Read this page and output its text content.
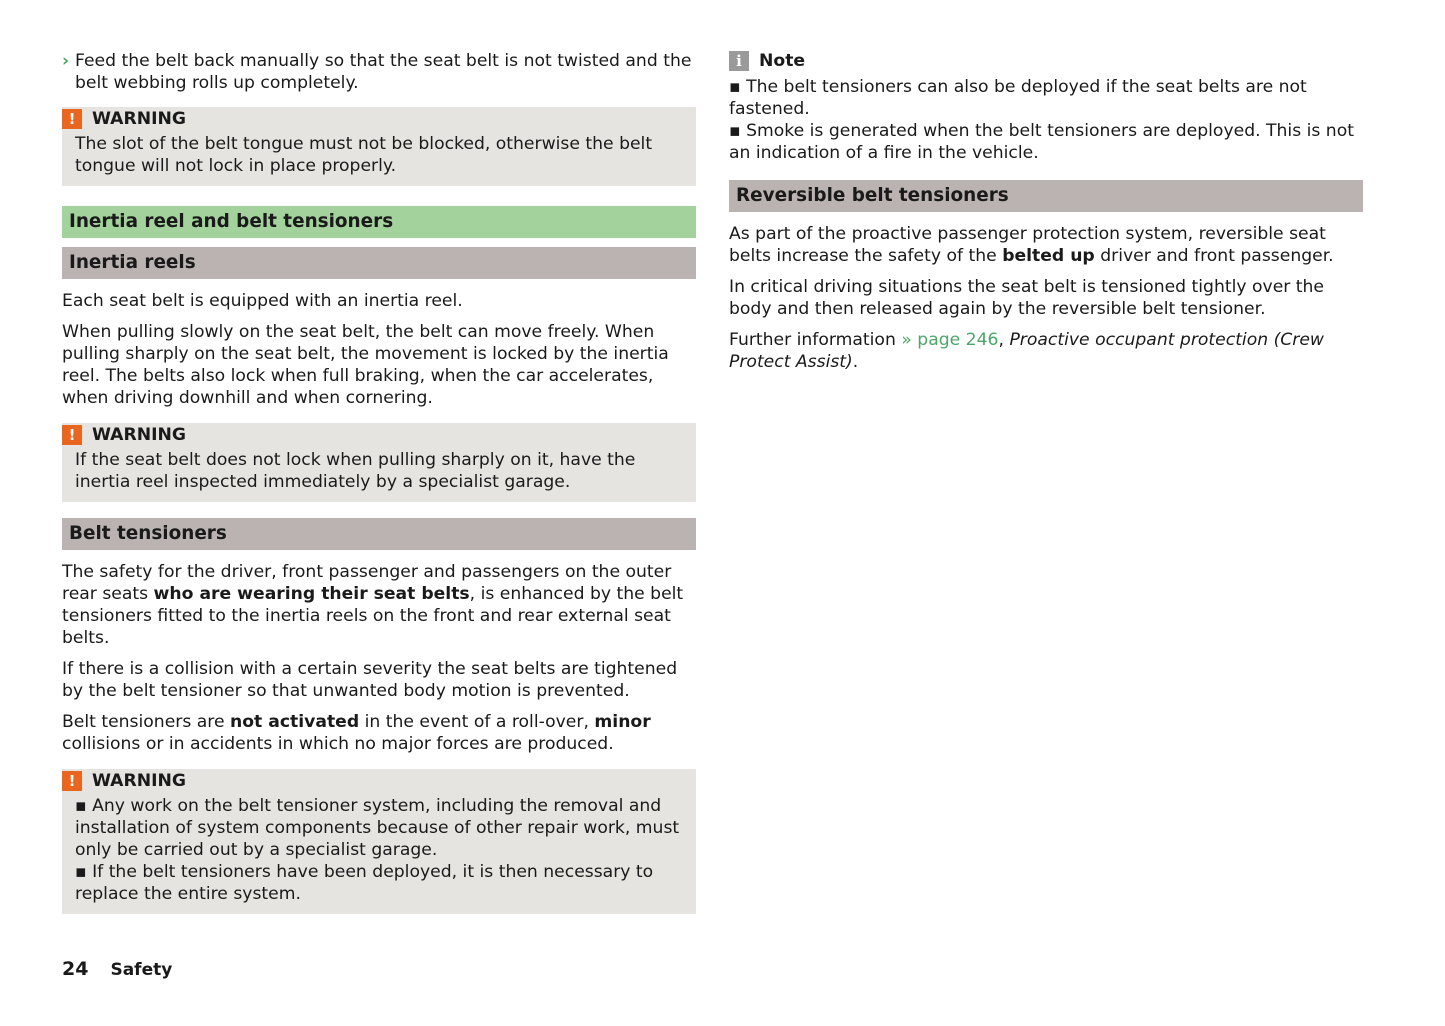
› Feed the belt back manually so that the seat belt is not twisted and the belt webbing rolls up completely.

! WARNING
The slot of the belt tongue must not be blocked, otherwise the belt tongue will not lock in place properly.
Inertia reel and belt tensioners
Inertia reels

Each seat belt is equipped with an inertia reel.

When pulling slowly on the seat belt, the belt can move freely. When pulling sharply on the seat belt, the movement is locked by the inertia reel. The belts also lock when full braking, when the car accelerates, when driving downhill and when cornering.

! WARNING
If the seat belt does not lock when pulling sharply on it, have the inertia reel inspected immediately by a specialist garage.
Belt tensioners

The safety for the driver, front passenger and passengers on the outer rear seats who are wearing their seat belts, is enhanced by the belt tensioners fitted to the inertia reels on the front and rear external seat belts.

If there is a collision with a certain severity the seat belts are tightened by the belt tensioner so that unwanted body motion is prevented.

Belt tensioners are not activated in the event of a roll-over, minor collisions or in accidents in which no major forces are produced.

! WARNING
▪ Any work on the belt tensioner system, including the removal and installation of system components because of other repair work, must only be carried out by a specialist garage.
▪ If the belt tensioners have been deployed, it is then necessary to replace the entire system.
i Note
▪ The belt tensioners can also be deployed if the seat belts are not fastened.
▪ Smoke is generated when the belt tensioners are deployed. This is not an indication of a fire in the vehicle.
Reversible belt tensioners

As part of the proactive passenger protection system, reversible seat belts increase the safety of the belted up driver and front passenger.

In critical driving situations the seat belt is tensioned tightly over the body and then released again by the reversible belt tensioner.

Further information » page 246, Proactive occupant protection (Crew Protect Assist).

24 Safety
